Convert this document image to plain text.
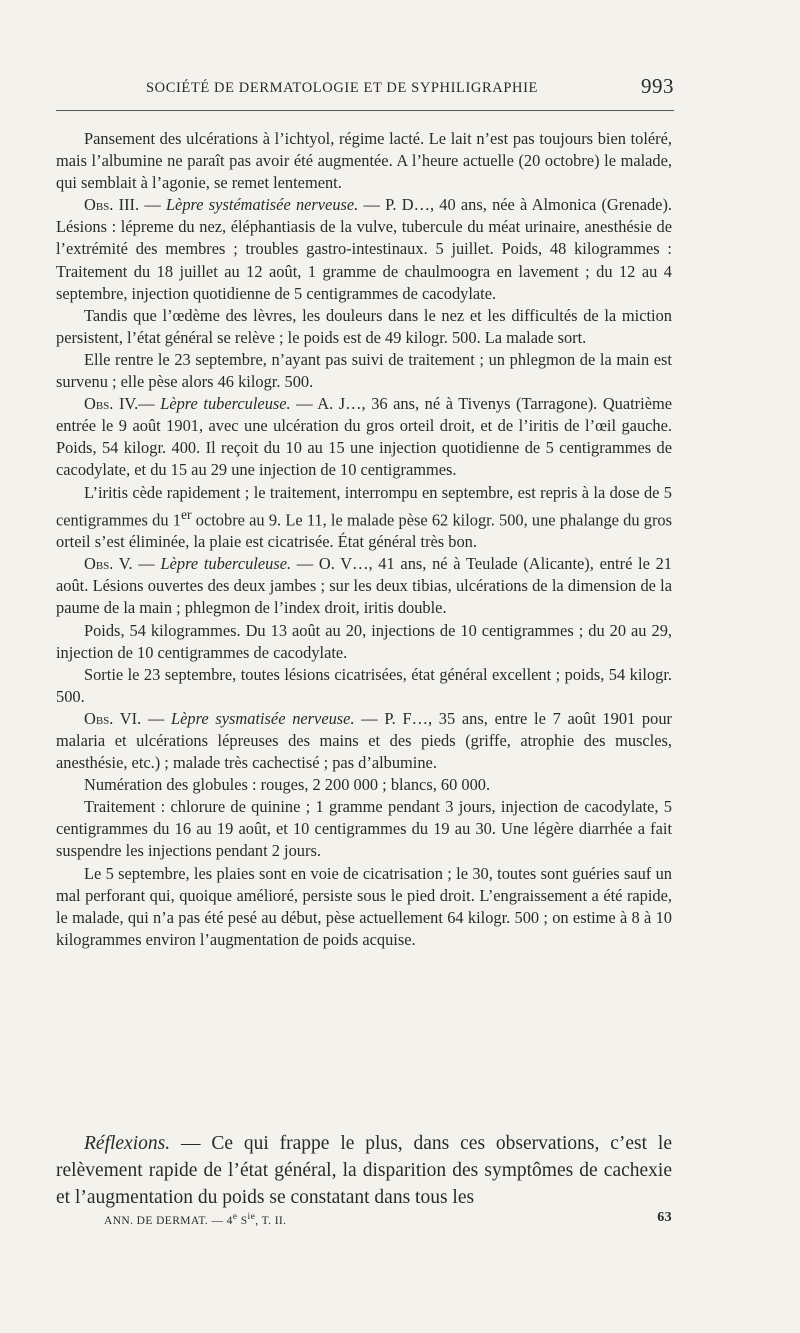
SOCIÉTÉ DE DERMATOLOGIE ET DE SYPHILIGRAPHIE	993

Pansement des ulcérations à l’ichtyol, régime lacté. Le lait n’est pas toujours bien toléré, mais l’albumine ne paraît pas avoir été augmentée. A l’heure actuelle (20 octobre) le malade, qui semblait à l’agonie, se remet lentement.

Obs. III. — Lèpre systématisée nerveuse. — P. D…, 40 ans, née à Almonica (Grenade). Lésions : lépreme du nez, éléphantiasis de la vulve, tubercule du méat urinaire, anesthésie de l’extrémité des membres ; troubles gastro-intestinaux. 5 juillet. Poids, 48 kilogrammes : Traitement du 18 juillet au 12 août, 1 gramme de chaulmoogra en lavement ; du 12 au 4 septembre, injection quotidienne de 5 centigrammes de cacodylate.

Tandis que l’œdème des lèvres, les douleurs dans le nez et les difficultés de la miction persistent, l’état général se relève ; le poids est de 49 kilogr. 500. La malade sort.

Elle rentre le 23 septembre, n’ayant pas suivi de traitement ; un phlegmon de la main est survenu ; elle pèse alors 46 kilogr. 500.

Obs. IV.— Lèpre tuberculeuse. — A. J…, 36 ans, né à Tivenys (Tarragone). Quatrième entrée le 9 août 1901, avec une ulcération du gros orteil droit, et de l’iritis de l’œil gauche. Poids, 54 kilogr. 400. Il reçoit du 10 au 15 une injection quotidienne de 5 centigrammes de cacodylate, et du 15 au 29 une injection de 10 centigrammes.

L’iritis cède rapidement ; le traitement, interrompu en septembre, est repris à la dose de 5 centigrammes du 1er octobre au 9. Le 11, le malade pèse 62 kilogr. 500, une phalange du gros orteil s’est éliminée, la plaie est cicatrisée. État général très bon.

Obs. V. — Lèpre tuberculeuse. — O. V…, 41 ans, né à Teulade (Alicante), entré le 21 août. Lésions ouvertes des deux jambes ; sur les deux tibias, ulcérations de la dimension de la paume de la main ; phlegmon de l’index droit, iritis double.

Poids, 54 kilogrammes. Du 13 août au 20, injections de 10 centigrammes ; du 20 au 29, injection de 10 centigrammes de cacodylate.

Sortie le 23 septembre, toutes lésions cicatrisées, état général excellent ; poids, 54 kilogr. 500.

Obs. VI. — Lèpre sysmatisée nerveuse. — P. F…, 35 ans, entre le 7 août 1901 pour malaria et ulcérations lépreuses des mains et des pieds (griffe, atrophie des muscles, anesthésie, etc.) ; malade très cachectisé ; pas d’albumine.

Numération des globules : rouges, 2 200 000 ; blancs, 60 000.

Traitement : chlorure de quinine ; 1 gramme pendant 3 jours, injection de cacodylate, 5 centigrammes du 16 au 19 août, et 10 centigrammes du 19 au 30. Une légère diarrhée a fait suspendre les injections pendant 2 jours.

Le 5 septembre, les plaies sont en voie de cicatrisation ; le 30, toutes sont guéries sauf un mal perforant qui, quoique amélioré, persiste sous le pied droit. L’engraissement a été rapide, le malade, qui n’a pas été pesé au début, pèse actuellement 64 kilogr. 500 ; on estime à 8 à 10 kilogrammes environ l’augmentation de poids acquise.

Réflexions. — Ce qui frappe le plus, dans ces observations, c’est le relèvement rapide de l’état général, la disparition des symptômes de cachexie et l’augmentation du poids se constatant dans tous les

ANN. DE DERMAT. — 4e $S^{ie}$, T. II.	63
